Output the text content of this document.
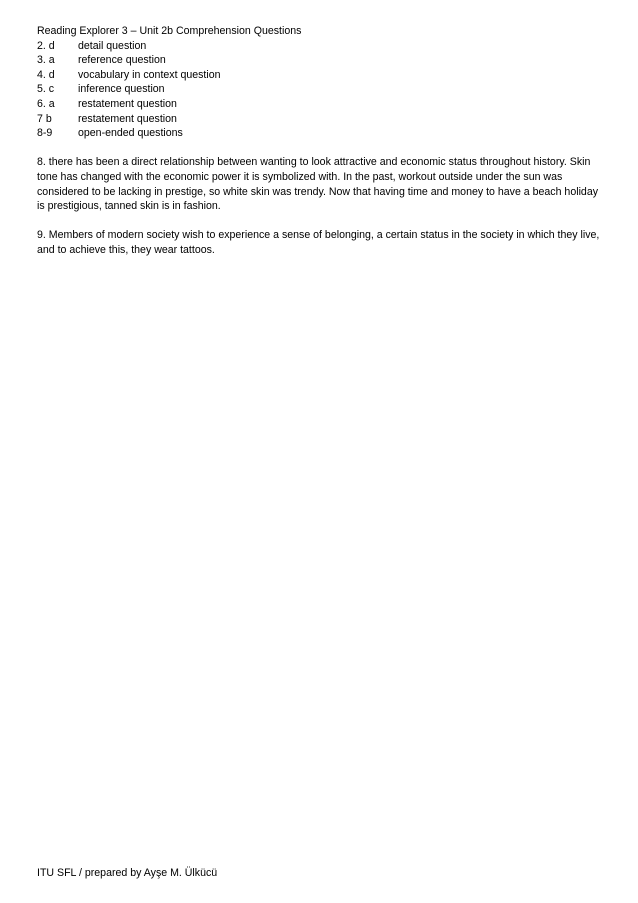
Reading Explorer 3 – Unit 2b Comprehension Questions
2. d	detail question
3. a	reference question
4. d	vocabulary in context question
5. c	inference question
6. a	restatement question
7 b	restatement question
8-9	open-ended questions

8. there has been a direct relationship between wanting to look attractive and economic status throughout history. Skin tone has changed with the economic power it is symbolized with. In the past, workout outside under the sun was considered to be lacking in prestige, so white skin was trendy. Now that having time and money to have a beach holiday is prestigious, tanned skin is in fashion.

9. Members of modern society wish to experience a sense of belonging, a certain status in the society in which they live, and to achieve this, they wear tattoos.

ITU SFL / prepared by Ayşe M. Ülkücü
